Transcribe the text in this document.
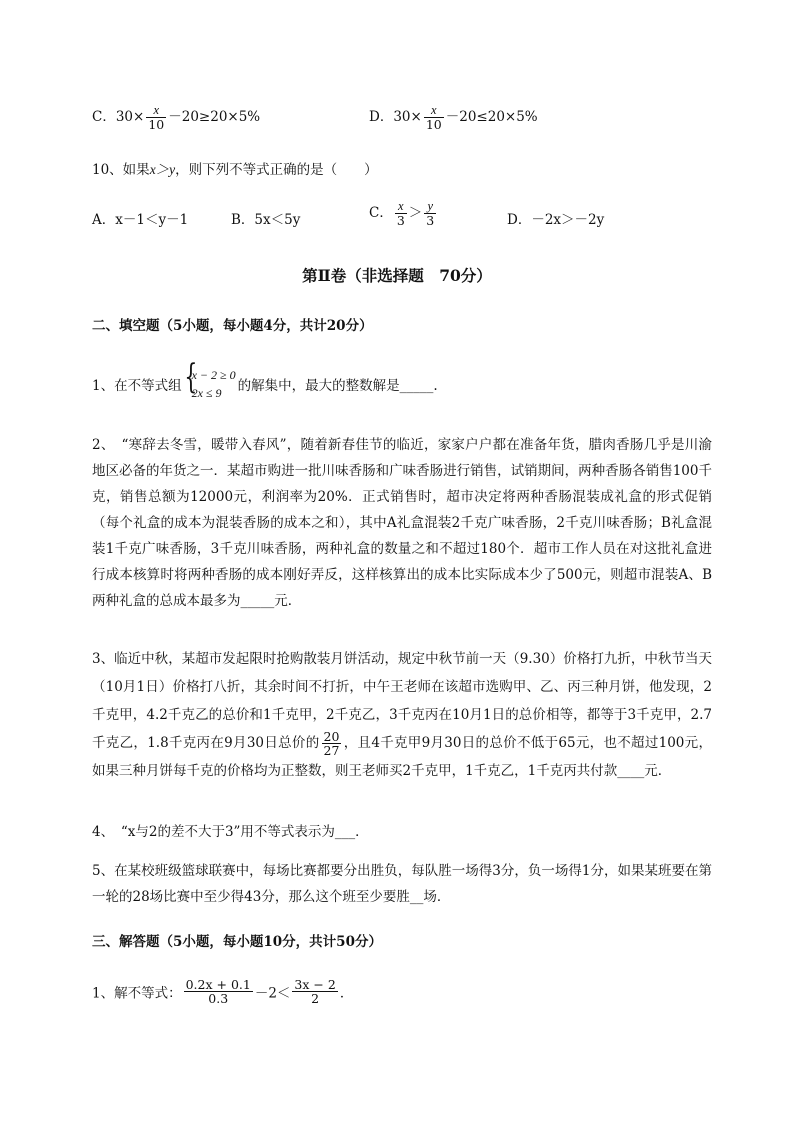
C．$30\times \frac{x}{10} -20\ge 20\times 5\%$	D．$30\times \frac{x}{10} -20\le 20\times 5\%$
10、如果x＞y，则下列不等式正确的是（　　）
A．x－1＜y－1	B．5x＜5y	C． $\frac{x}{3} > \frac{y}{3}$	D．－2x＞－2y
第Ⅱ卷（非选择题　70分）
二、填空题（5小题，每小题4分，共计20分）
1、在不等式组 {
x − 2 ≥ 0
2x ≤ 9	的解集中，最大的整数解是_____.
2、　“寒辞去冬雪，暖带入春风”，随着新春佳节的临近，家家户户都在准备年货，腊肉香肠几乎是川渝地区必备的年货之一．某超市购进一批川味香肠和广味香肠进行销售，试销期间，两种香肠各销售100千克，销售总额为12000元，利润率为20%．正式销售时，超市决定将两种香肠混装成礼盒的形式促销（每个礼盒的成本为混装香肠的成本之和），其中A礼盒混装2千克广味香肠，2千克川味香肠；B礼盒混装1千克广味香肠，3千克川味香肠，两种礼盒的数量之和不超过180个．超市工作人员在对这批礼盒进行成本核算时将两种香肠的成本刚好弄反，这样核算出的成本比实际成本少了500元，则超市混装A、B两种礼盒的总成本最多为_____元．
3、临近中秋，某超市发起限时抢购散装月饼活动，规定中秋节前一天（9.30）价格打九折，中秋节当天（10月1日）价格打八折，其余时间不打折，中午王老师在该超市选购甲、乙、丙三种月饼，他发现，2千克甲，4.2千克乙的总价和1千克甲，2千克乙，3千克丙在10月1日的总价相等，都等于3千克甲，2.7千克乙，1.8千克丙在9月30日总价的 $\frac{20}{27}$ ，且4千克甲9月30日的总价不低于65元，也不超过100元，如果三种月饼每千克的价格均为正整数，则王老师买2千克甲，1千克乙，1千克丙共付款____元．
4、　“x与2的差不大于3”用不等式表示为___．
5、在某校班级篮球联赛中，每场比赛都要分出胜负，每队胜一场得3分，负一场得1分，如果某班要在第一轮的28场比赛中至少得43分，那么这个班至少要胜__场．
三、解答题（5小题，每小题10分，共计50分）
1、解不等式： $\frac{0.2x + 0.1}{0.3} -2< \frac{3x - 2}{2}$ ．
